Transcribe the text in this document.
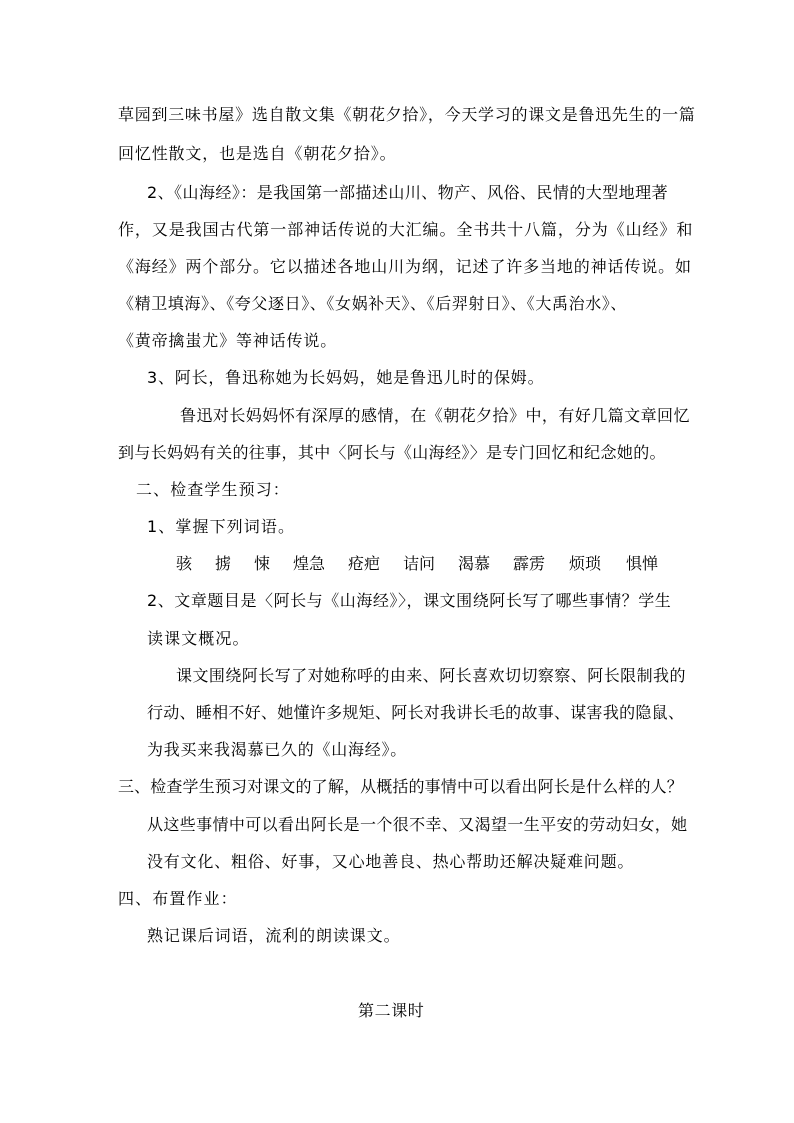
草园到三味书屋》选自散文集《朝花夕拾》，今天学习的课文是鲁迅先生的一篇
回忆性散文，也是选自《朝花夕拾》。
2、《山海经》：是我国第一部描述山川、物产、风俗、民情的大型地理著
作，又是我国古代第一部神话传说的大汇编。全书共十八篇，分为《山经》和
《海经》两个部分。它以描述各地山川为纲，记述了许多当地的神话传说。如
《精卫填海》、《夸父逐日》、《女娲补天》、《后羿射日》、《大禹治水》、
《黄帝擒蚩尤》等神话传说。
3、阿长，鲁迅称她为长妈妈，她是鲁迅儿时的保姆。
鲁迅对长妈妈怀有深厚的感情，在《朝花夕拾》中，有好几篇文章回忆
到与长妈妈有关的往事，其中〈阿长与《山海经》〉是专门回忆和纪念她的。
二、检查学生预习：
1、掌握下列词语。
骇 掳 悚 煌急 疮疤 诘问 渴慕 霹雳 烦琐 惧惮
2、文章题目是〈阿长与《山海经》〉，课文围绕阿长写了哪些事情？学生
读课文概况。
课文围绕阿长写了对她称呼的由来、阿长喜欢切切察察、阿长限制我的
行动、睡相不好、她懂许多规矩、阿长对我讲长毛的故事、谋害我的隐鼠、
为我买来我渴慕已久的《山海经》。
三、检查学生预习对课文的了解，从概括的事情中可以看出阿长是什么样的人？
从这些事情中可以看出阿长是一个很不幸、又渴望一生平安的劳动妇女，她
没有文化、粗俗、好事，又心地善良、热心帮助还解决疑难问题。
四、布置作业：
熟记课后词语，流利的朗读课文。
第二课时
